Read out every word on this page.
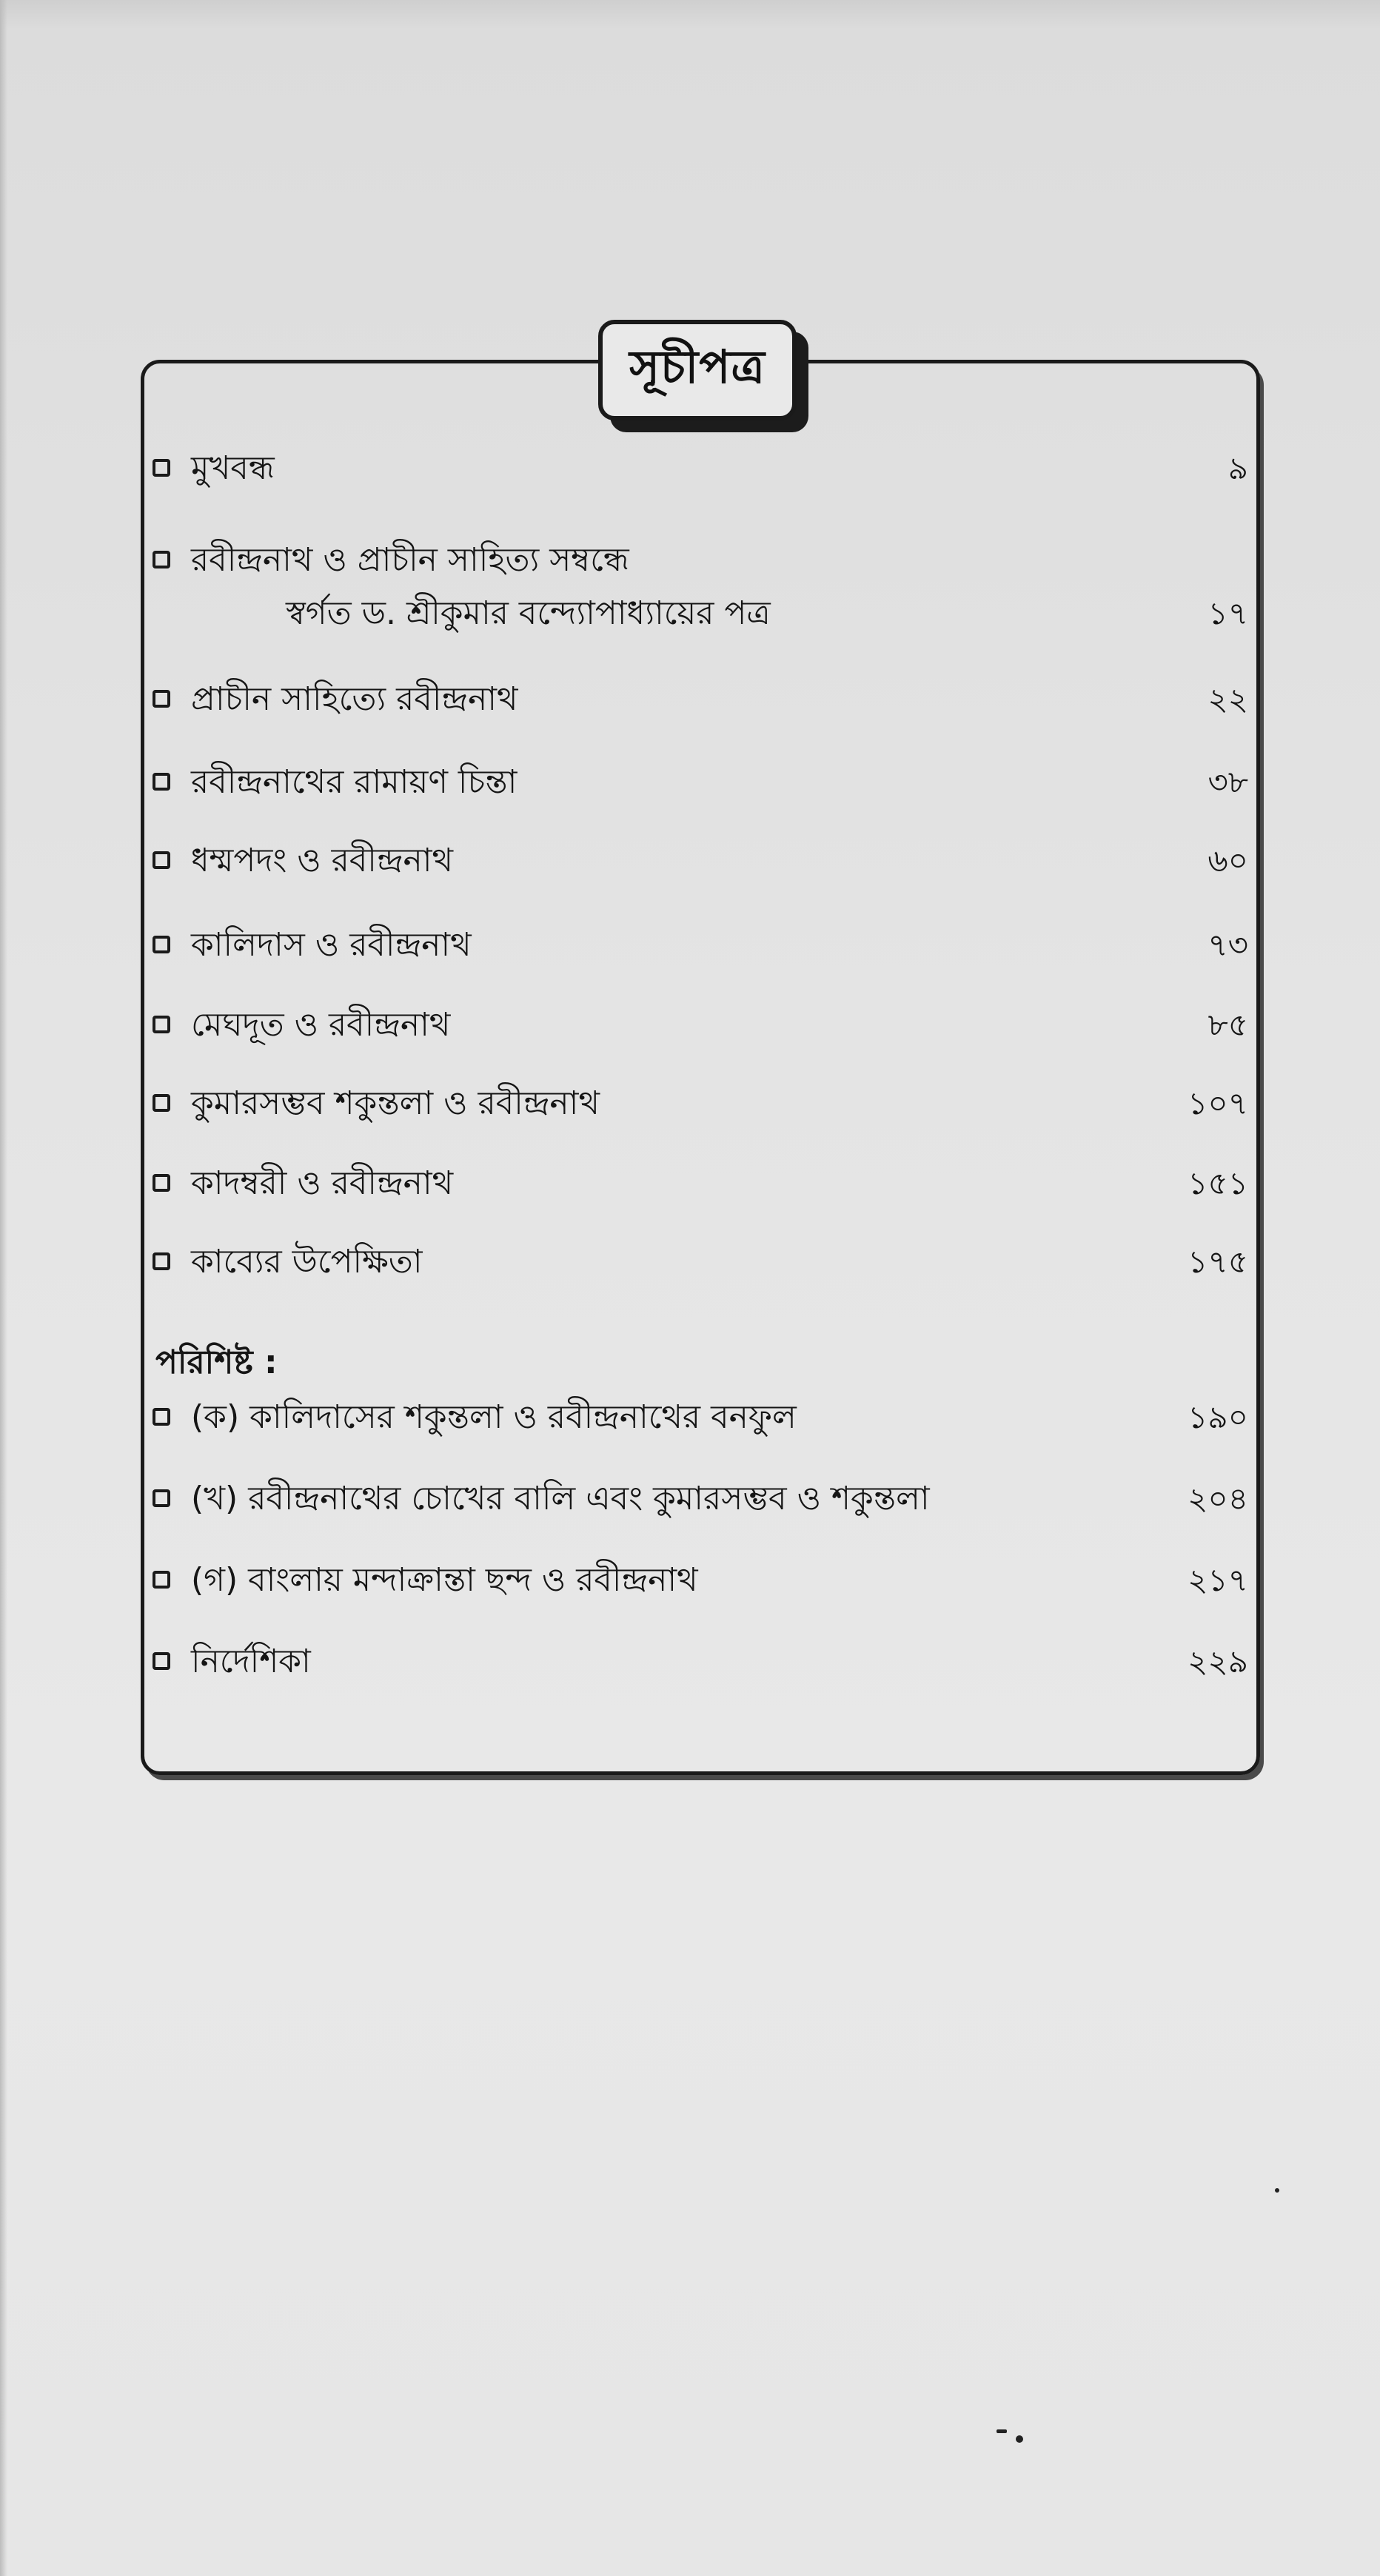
সূচীপত্র
মুখবন্ধ	৯
রবীন্দ্রনাথ ও প্রাচীন সাহিত্য সম্বন্ধে
স্বর্গত ড. শ্রীকুমার বন্দ্যোপাধ্যায়ের পত্র	১৭
প্রাচীন সাহিত্যে রবীন্দ্রনাথ	২২
রবীন্দ্রনাথের রামায়ণ চিন্তা	৩৮
ধম্মপদং ও রবীন্দ্রনাথ	৬০
কালিদাস ও রবীন্দ্রনাথ	৭৩
মেঘদূত ও রবীন্দ্রনাথ	৮৫
কুমারসম্ভব শকুন্তলা ও রবীন্দ্রনাথ	১০৭
কাদম্বরী ও রবীন্দ্রনাথ	১৫১
কাব্যের উপেক্ষিতা	১৭৫
পরিশিষ্ট :
(ক) কালিদাসের শকুন্তলা ও রবীন্দ্রনাথের বনফুল	১৯০
(খ) রবীন্দ্রনাথের চোখের বালি এবং কুমারসম্ভব ও শকুন্তলা	২০৪
(গ) বাংলায় মন্দাক্রান্তা ছন্দ ও রবীন্দ্রনাথ	২১৭
নির্দেশিকা	২২৯
